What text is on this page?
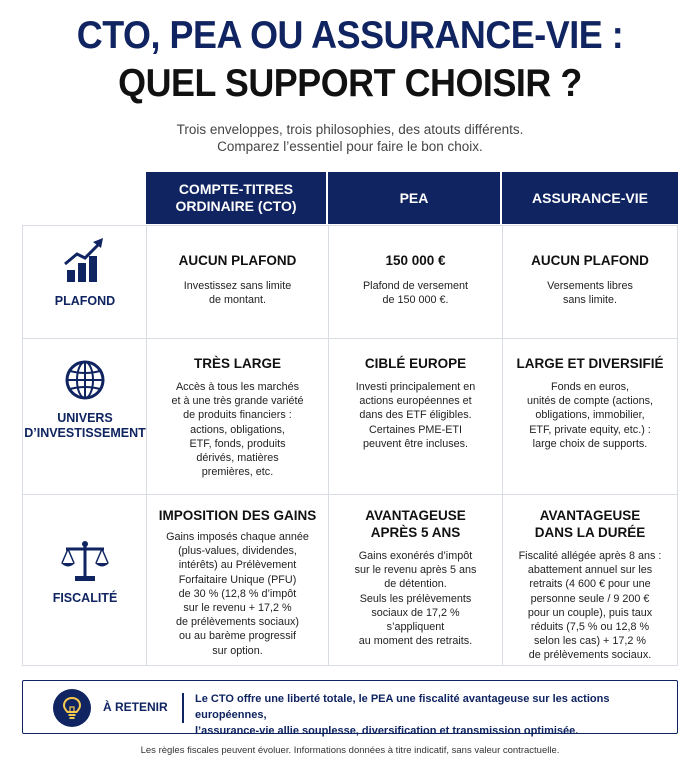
CTO, PEA OU ASSURANCE-VIE :
QUEL SUPPORT CHOISIR ?
Trois enveloppes, trois philosophies, des atouts différents.
Comparez l’essentiel pour faire le bon choix.
COMPTE-TITRES
ORDINAIRE (CTO)
PEA	ASSURANCE-VIE
PLAFOND
AUCUN PLAFOND
Investissez sans limite
de montant.
150 000 €
Plafond de versement
de 150 000 €.
AUCUN PLAFOND
Versements libres
sans limite.
UNIVERS
D’INVESTISSEMENT
TRÈS LARGE
Accès à tous les marchés
et à une très grande variété
de produits financiers :
actions, obligations,
ETF, fonds, produits
dérivés, matières
premières, etc.
CIBLÉ EUROPE
Investi principalement en
actions européennes et
dans des ETF éligibles.
Certaines PME-ETI
peuvent être incluses.
LARGE ET DIVERSIFIÉ
Fonds en euros,
unités de compte (actions,
obligations, immobilier,
ETF, private equity, etc.) :
large choix de supports.
FISCALITÉ
IMPOSITION DES GAINS
Gains imposés chaque année
(plus-values, dividendes,
intérêts) au Prélèvement
Forfaitaire Unique (PFU)
de 30 % (12,8 % d’impôt
sur le revenu + 17,2 %
de prélèvements sociaux)
ou au barème progressif
sur option.
AVANTAGEUSE
APRÈS 5 ANS
Gains exonérés d’impôt
sur le revenu après 5 ans
de détention.
Seuls les prélèvements
sociaux de 17,2 %
s’appliquent
au moment des retraits.
AVANTAGEUSE
DANS LA DURÉE
Fiscalité allégée après 8 ans :
abattement annuel sur les
retraits (4 600 € pour une
personne seule / 9 200 €
pour un couple), puis taux
réduits (7,5 % ou 12,8 %
selon les cas) + 17,2 %
de prélèvements sociaux.
À RETENIR
Le CTO offre une liberté totale, le PEA une fiscalité avantageuse sur les actions européennes,
l’assurance-vie allie souplesse, diversification et transmission optimisée.
Les règles fiscales peuvent évoluer. Informations données à titre indicatif, sans valeur contractuelle.
